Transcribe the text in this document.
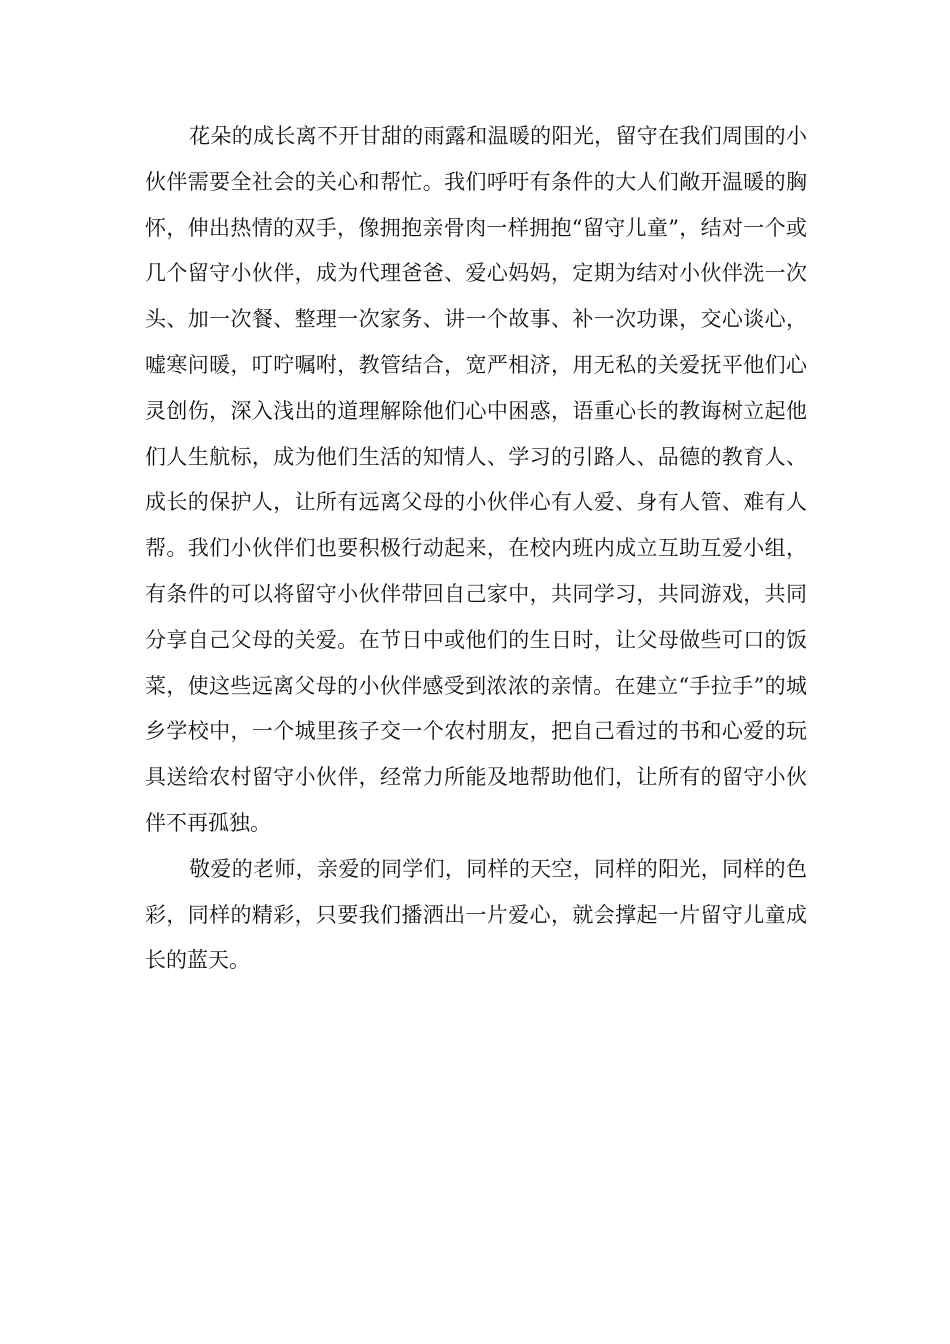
花朵的成长离不开甘甜的雨露和温暖的阳光，留守在我们周围的小伙伴需要全社会的关心和帮忙。我们呼吁有条件的大人们敞开温暖的胸怀，伸出热情的双手，像拥抱亲骨肉一样拥抱“留守儿童”，结对一个或几个留守小伙伴，成为代理爸爸、爱心妈妈，定期为结对小伙伴洗一次头、加一次餐、整理一次家务、讲一个故事、补一次功课，交心谈心，嘘寒问暖，叮咛嘱咐，教管结合，宽严相济，用无私的关爱抚平他们心灵创伤，深入浅出的道理解除他们心中困惑，语重心长的教诲树立起他们人生航标，成为他们生活的知情人、学习的引路人、品德的教育人、成长的保护人，让所有远离父母的小伙伴心有人爱、身有人管、难有人帮。我们小伙伴们也要积极行动起来，在校内班内成立互助互爱小组，有条件的可以将留守小伙伴带回自己家中，共同学习，共同游戏，共同分享自己父母的关爱。在节日中或他们的生日时，让父母做些可口的饭菜，使这些远离父母的小伙伴感受到浓浓的亲情。在建立“手拉手”的城乡学校中，一个城里孩子交一个农村朋友，把自己看过的书和心爱的玩具送给农村留守小伙伴，经常力所能及地帮助他们，让所有的留守小伙伴不再孤独。

敬爱的老师，亲爱的同学们，同样的天空，同样的阳光，同样的色彩，同样的精彩，只要我们播洒出一片爱心，就会撑起一片留守儿童成长的蓝天。
